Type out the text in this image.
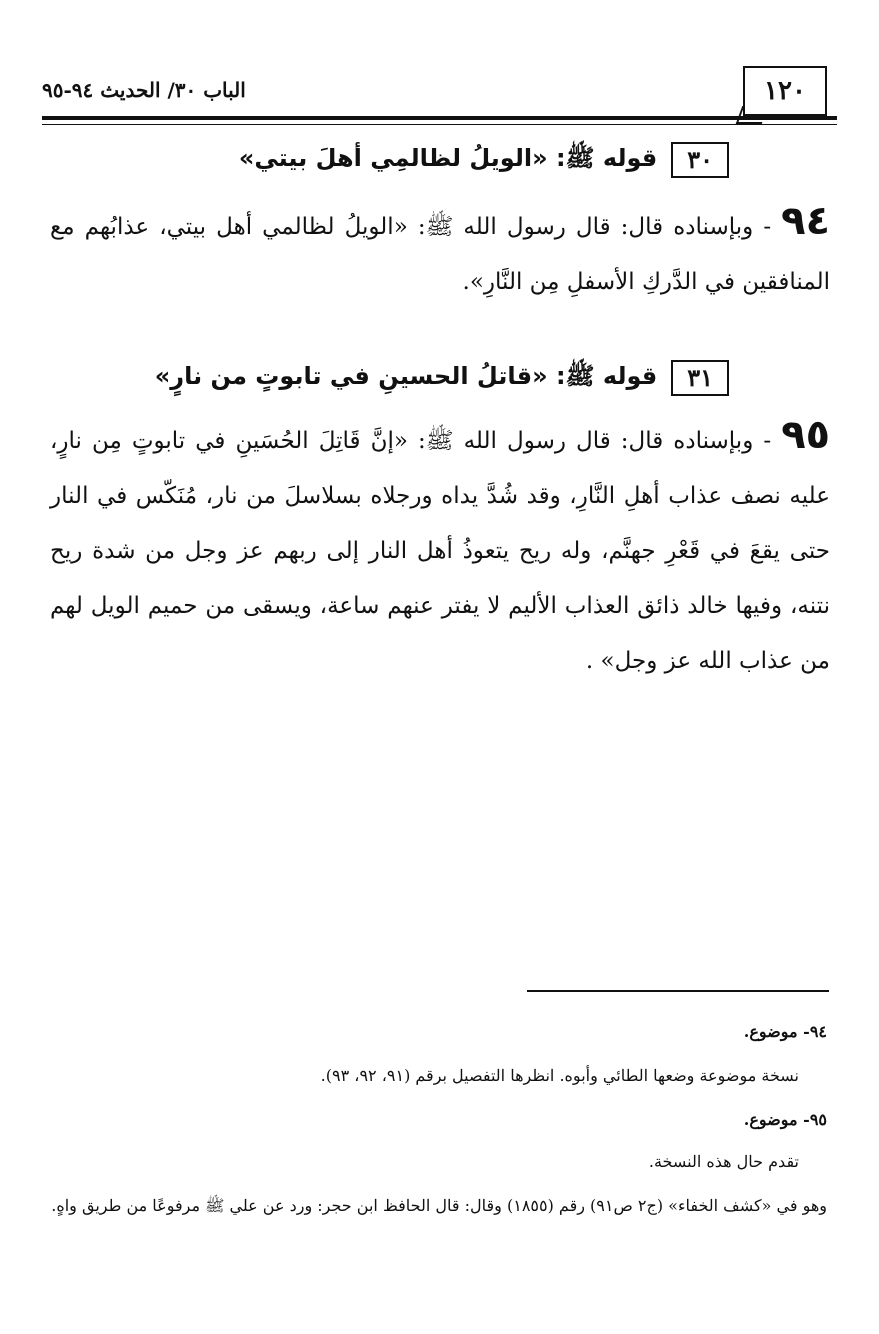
١٢٠
الباب ٣٠/ الحديث ٩٤-٩٥
٣٠
قوله ﷺ: «الويلُ لظالمِي أهلَ بيتي»
٩٤ - وبإسناده قال: قال رسول الله ﷺ: «الويلُ لظالمي أهل بيتي، عذابُهم مع المنافقين في الدَّركِ الأسفلِ مِن النَّارِ».
٣١
قوله ﷺ: «قاتلُ الحسينِ في تابوتٍ من نارٍ»
٩٥ - وبإسناده قال: قال رسول الله ﷺ: «إنَّ قَاتِلَ الحُسَينِ في تابوتٍ مِن نارٍ، عليه نصف عذاب أهلِ النَّارِ، وقد شُدَّ يداه ورجلاه بسلاسلَ من نار، مُنَكّس في النار حتى يقعَ في قَعْرِ جهنَّم، وله ريح يتعوذُ أهل النار إلى ربهم عز وجل من شدة ريح نتنه، وفيها خالد ذائق العذاب الأليم لا يفتر عنهم ساعة، ويسقى من حميم الويل لهم من عذاب الله عز وجل» .
٩٤- موضوع.
نسخة موضوعة وضعها الطائي وأبوه. انظرها التفصيل برقم (٩١، ٩٢، ٩٣).
٩٥- موضوع.
تقدم حال هذه النسخة.
وهو في «كشف الخفاء» (ج٢ ص٩١) رقم (١٨٥٥) وقال: قال الحافظ ابن حجر: ورد عن علي ﷺ مرفوعًا من طريق واهٍ.
